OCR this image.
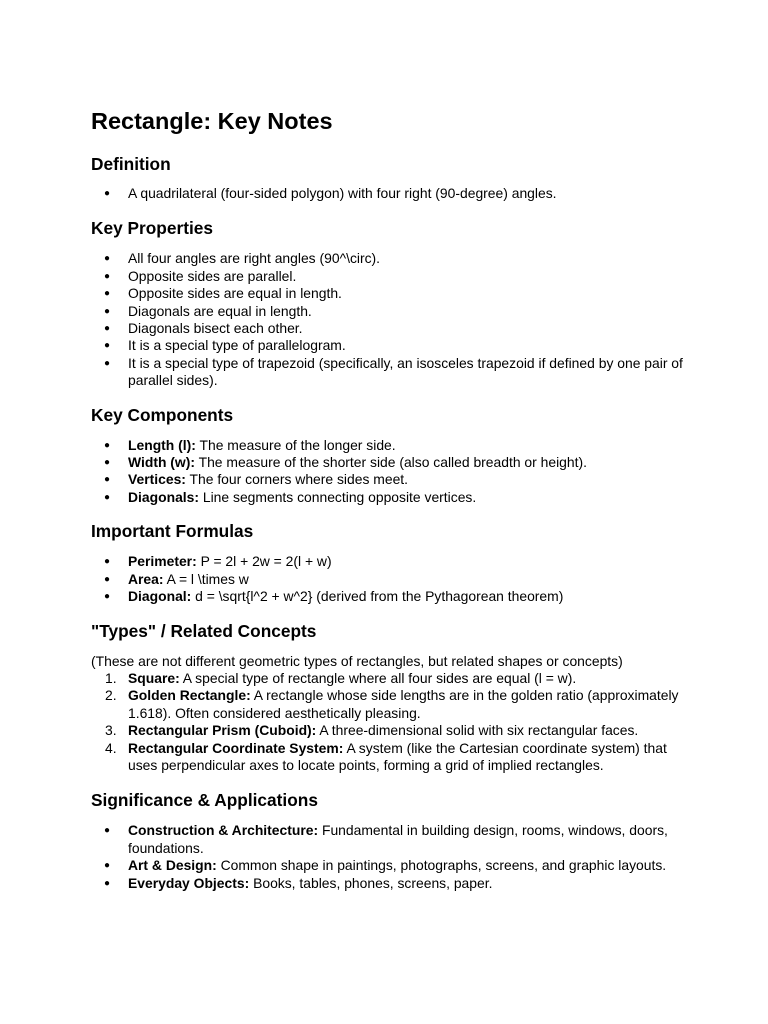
Rectangle: Key Notes
Definition
● A quadrilateral (four-sided polygon) with four right (90-degree) angles.
Key Properties
● All four angles are right angles (90^\circ).
● Opposite sides are parallel.
● Opposite sides are equal in length.
● Diagonals are equal in length.
● Diagonals bisect each other.
● It is a special type of parallelogram.
● It is a special type of trapezoid (specifically, an isosceles trapezoid if defined by one pair of parallel sides).
Key Components
● Length (l): The measure of the longer side.
● Width (w): The measure of the shorter side (also called breadth or height).
● Vertices: The four corners where sides meet.
● Diagonals: Line segments connecting opposite vertices.
Important Formulas
● Perimeter: P = 2l + 2w = 2(l + w)
● Area: A = l \times w
● Diagonal: d = \sqrt{l^2 + w^2} (derived from the Pythagorean theorem)
"Types" / Related Concepts

(These are not different geometric types of rectangles, but related shapes or concepts)

1. Square: A special type of rectangle where all four sides are equal (l = w).
2. Golden Rectangle: A rectangle whose side lengths are in the golden ratio (approximately 1.618). Often considered aesthetically pleasing.
3. Rectangular Prism (Cuboid): A three-dimensional solid with six rectangular faces.
4. Rectangular Coordinate System: A system (like the Cartesian coordinate system) that uses perpendicular axes to locate points, forming a grid of implied rectangles.
Significance & Applications
● Construction & Architecture: Fundamental in building design, rooms, windows, doors, foundations.
● Art & Design: Common shape in paintings, photographs, screens, and graphic layouts.
● Everyday Objects: Books, tables, phones, screens, paper.
